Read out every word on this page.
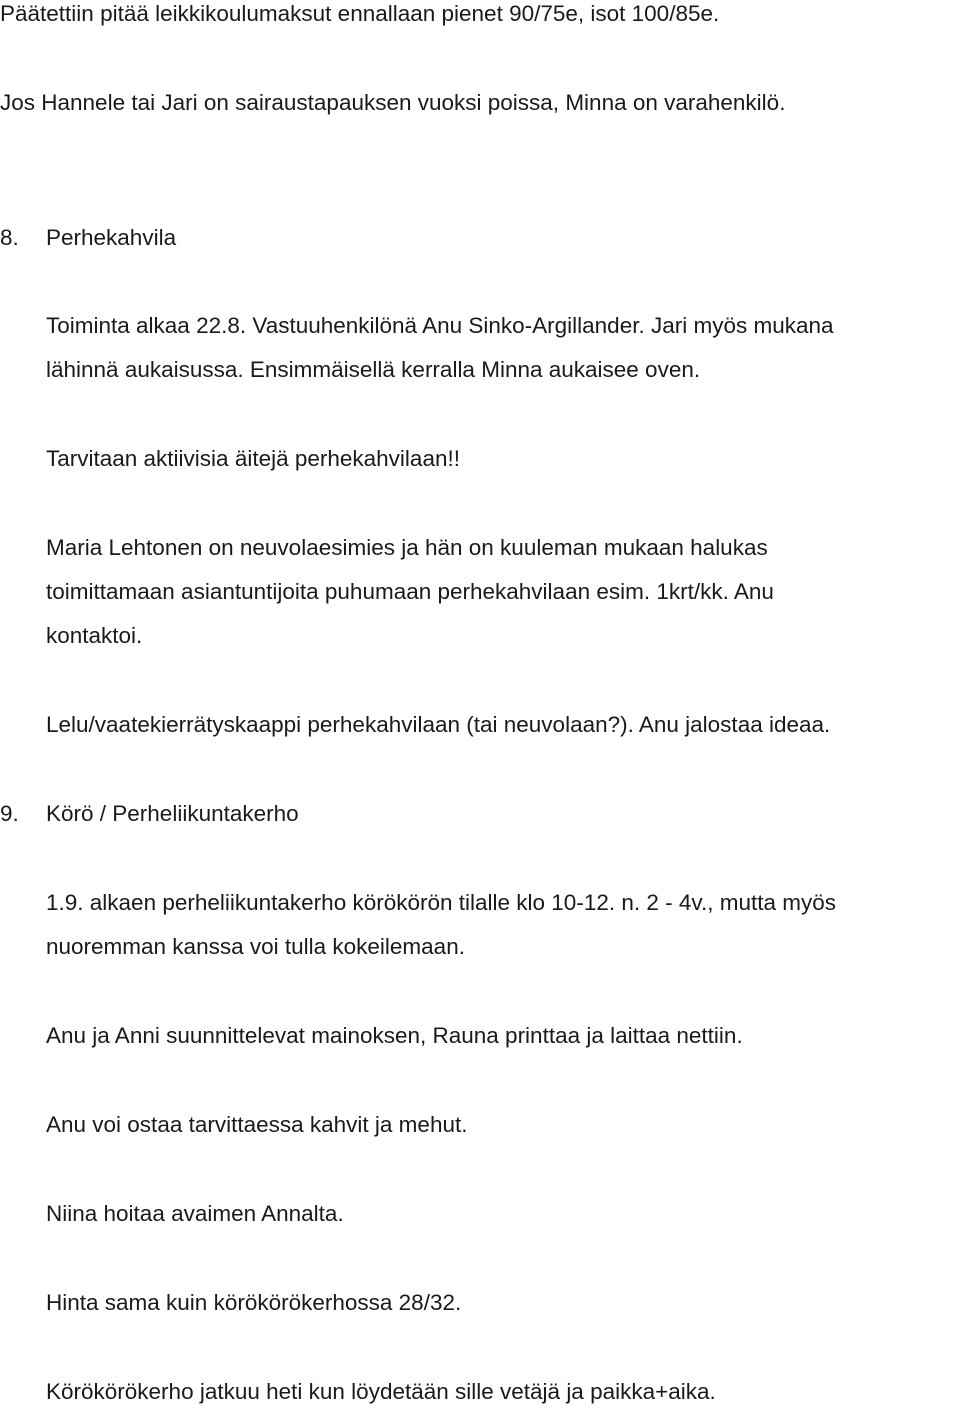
Päätettiin pitää leikkikoulumaksut ennallaan pienet 90/75e, isot 100/85e.

Jos Hannele tai Jari on sairaustapauksen vuoksi poissa, Minna on varahenkilö.

8. Perhekahvila

Toiminta alkaa 22.8. Vastuuhenkilönä Anu Sinko-Argillander. Jari myös mukana

lähinnä aukaisussa. Ensimmäisellä kerralla Minna aukaisee oven.

Tarvitaan aktiivisia äitejä perhekahvilaan!!

Maria Lehtonen on neuvolaesimies ja hän on kuuleman mukaan halukas

toimittamaan asiantuntijoita puhumaan perhekahvilaan esim. 1krt/kk. Anu

kontaktoi.

Lelu/vaatekierrätyskaappi perhekahvilaan (tai neuvolaan?). Anu jalostaa ideaa.

9. Körö / Perheliikuntakerho

1.9. alkaen perheliikuntakerho körökörön tilalle klo 10-12. n. 2 - 4v., mutta myös

nuoremman kanssa voi tulla kokeilemaan.

Anu ja Anni suunnittelevat mainoksen, Rauna printtaa ja laittaa nettiin.

Anu voi ostaa tarvittaessa kahvit ja mehut.

Niina hoitaa avaimen Annalta.

Hinta sama kuin körökörökerhossa 28/32.

Körökörökerho jatkuu heti kun löydetään sille vetäjä ja paikka+aika.
